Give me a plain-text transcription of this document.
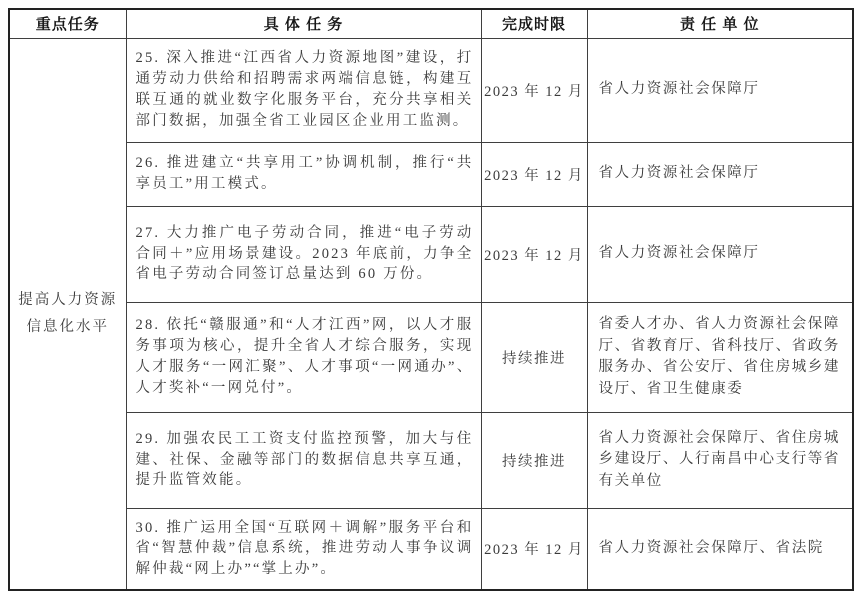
重点任务	具 体 任 务	完成时限	责 任 单 位

提高人力资源信息化水平	25. 深入推进“江西省人力资源地图”建设，打通劳动力供给和招聘需求两端信息链，构建互联互通的就业数字化服务平台，充分共享相关部门数据，加强全省工业园区企业用工监测。	2023 年 12 月	省人力资源社会保障厅
	26. 推进建立“共享用工”协调机制，推行“共享员工”用工模式。	2023 年 12 月	省人力资源社会保障厅
	27. 大力推广电子劳动合同，推进“电子劳动合同＋”应用场景建设。2023 年底前，力争全省电子劳动合同签订总量达到 60 万份。	2023 年 12 月	省人力资源社会保障厅
	28. 依托“赣服通”和“人才江西”网，以人才服务事项为核心，提升全省人才综合服务，实现人才服务“一网汇聚”、人才事项“一网通办”、人才奖补“一网兑付”。	持续推进	省委人才办、省人力资源社会保障厅、省教育厅、省科技厅、省政务服务办、省公安厅、省住房城乡建设厅、省卫生健康委
	29. 加强农民工工资支付监控预警，加大与住建、社保、金融等部门的数据信息共享互通，提升监管效能。	持续推进	省人力资源社会保障厅、省住房城乡建设厅、人行南昌中心支行等省有关单位
	30. 推广运用全国“互联网＋调解”服务平台和省“智慧仲裁”信息系统，推进劳动人事争议调解仲裁“网上办”“掌上办”。	2023 年 12 月	省人力资源社会保障厅、省法院
